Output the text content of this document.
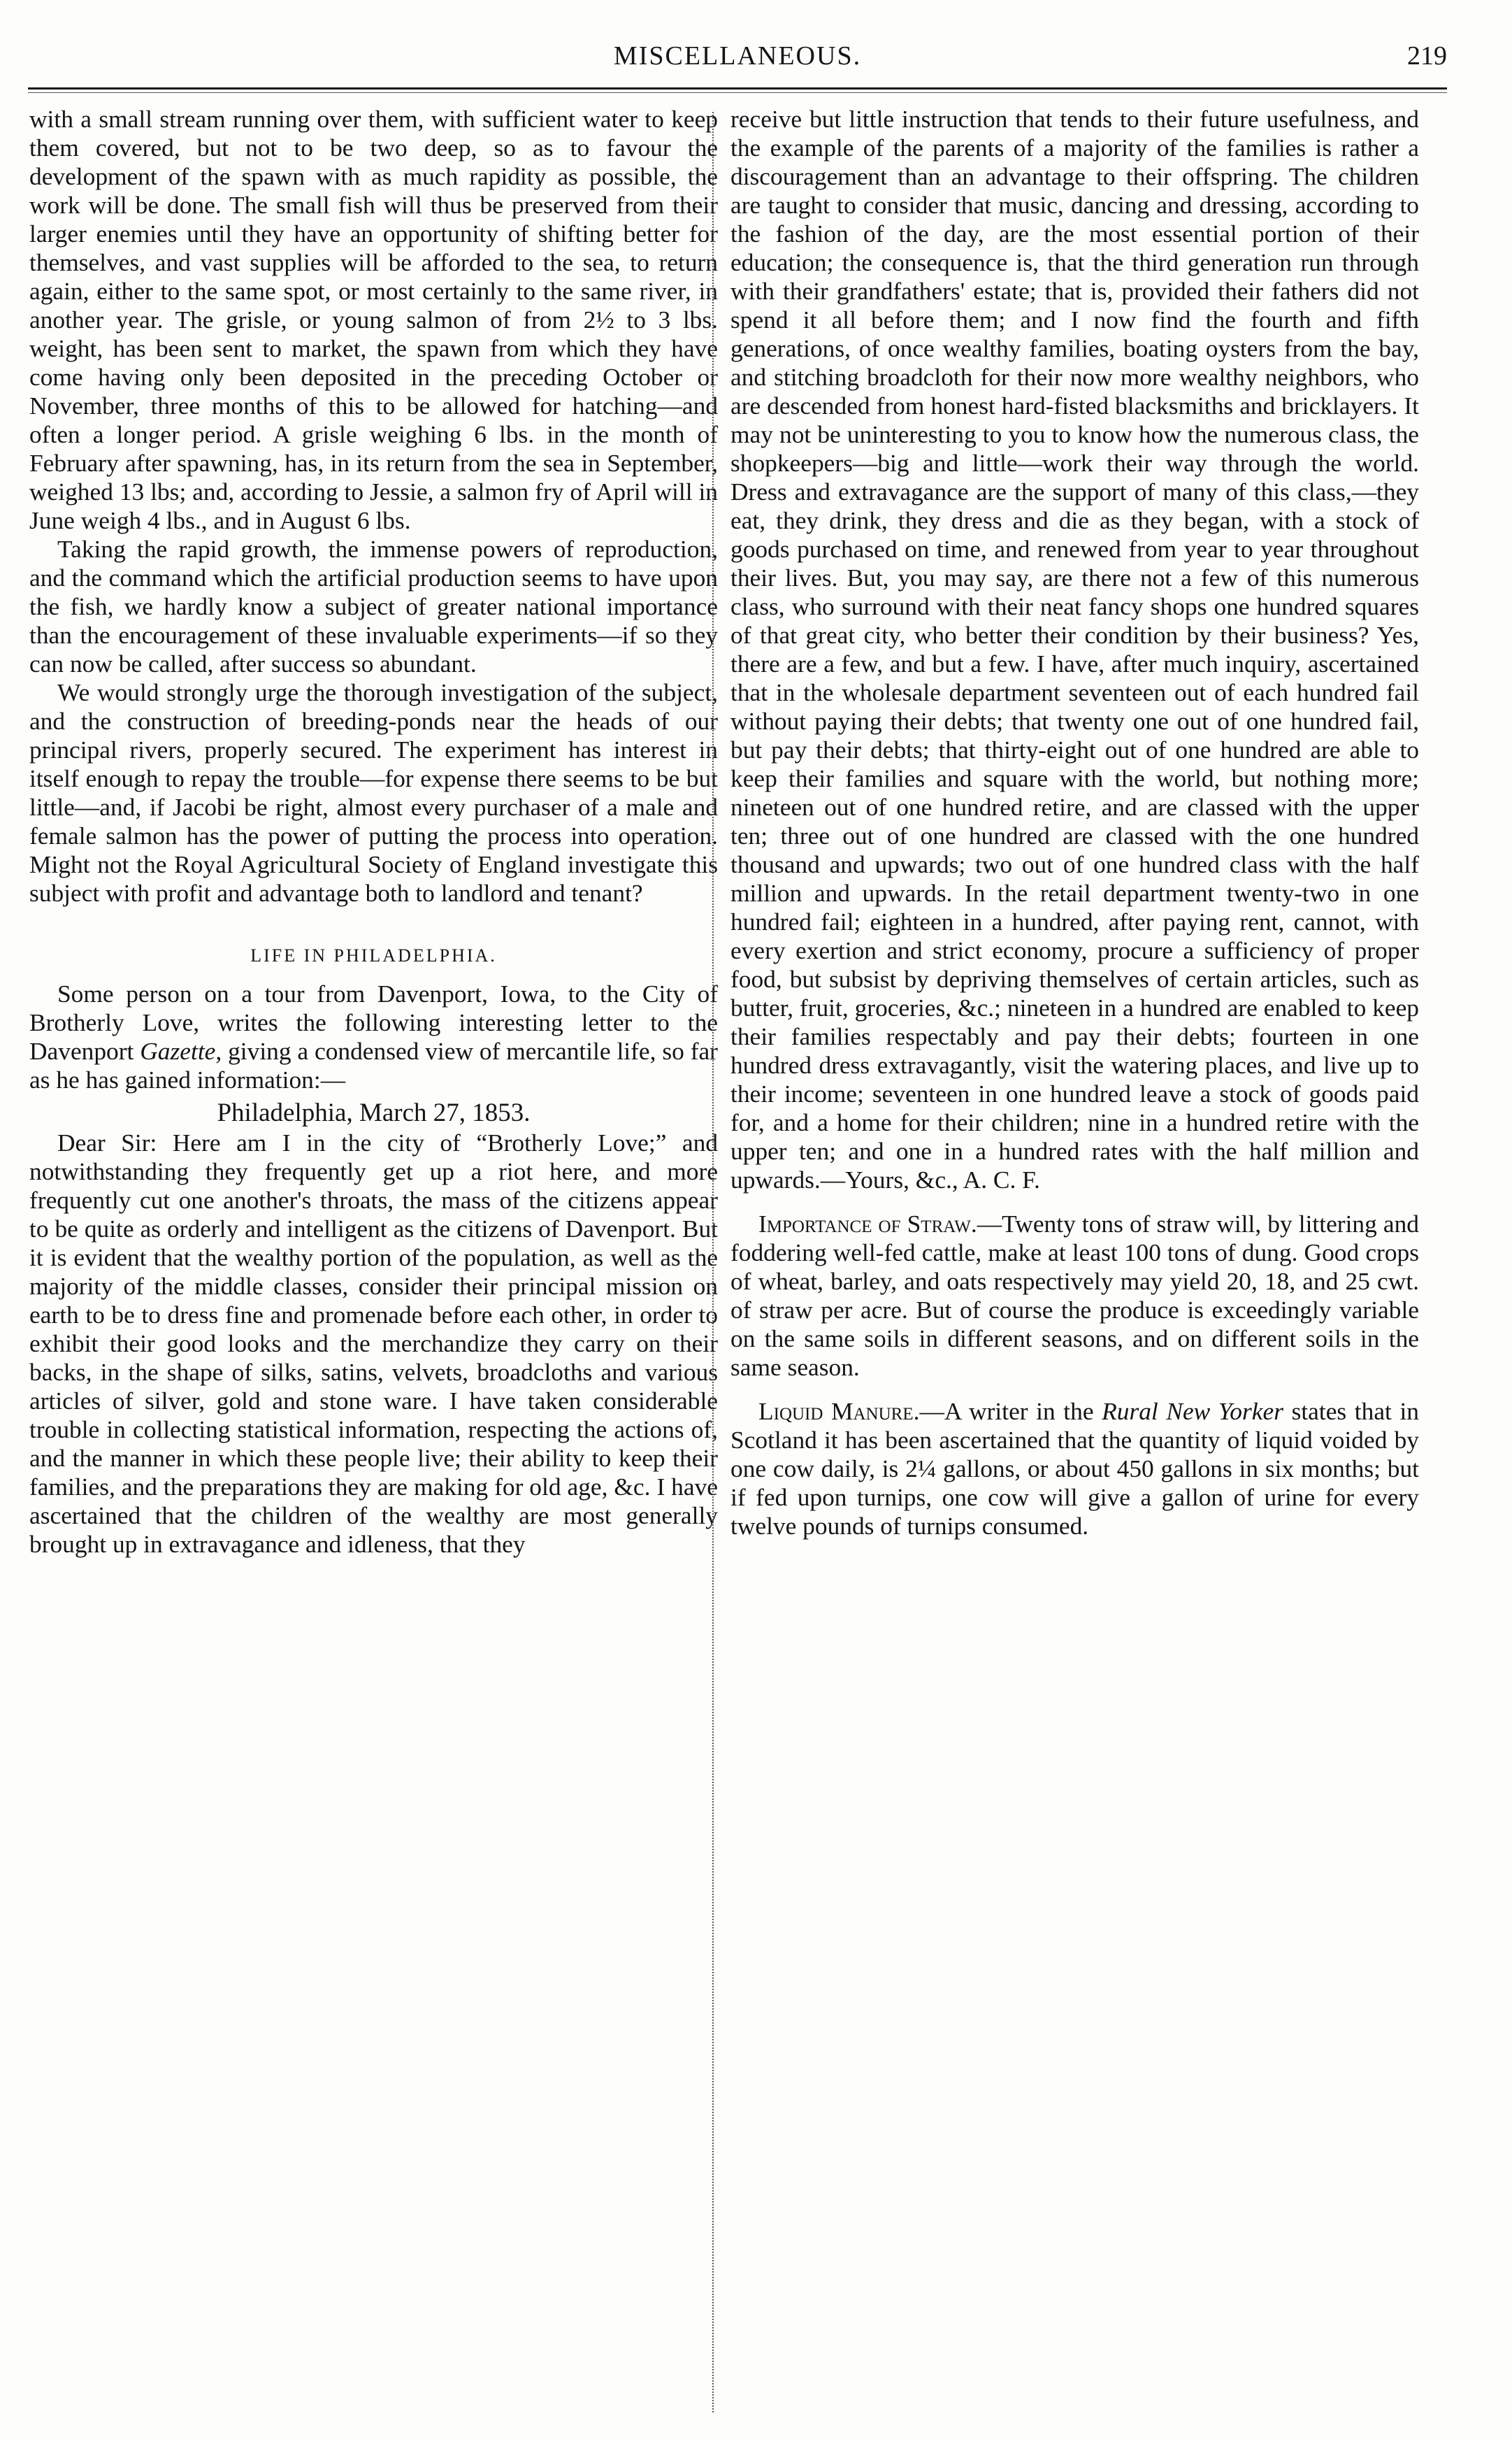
MISCELLANEOUS.	219

with a small stream running over them, with sufficient water to keep them covered, but not to be two deep, so as to favour the development of the spawn with as much rapidity as possible, the work will be done. The small fish will thus be preserved from their larger enemies until they have an opportunity of shifting better for themselves, and vast supplies will be afforded to the sea, to return again, either to the same spot, or most certainly to the same river, in another year. The grisle, or young salmon of from 2½ to 3 lbs. weight, has been sent to market, the spawn from which they have come having only been deposited in the preceding October or November, three months of this to be allowed for hatching—and often a longer period. A grisle weighing 6 lbs. in the month of February after spawning, has, in its return from the sea in September, weighed 13 lbs; and, according to Jessie, a salmon fry of April will in June weigh 4 lbs., and in August 6 lbs.

Taking the rapid growth, the immense powers of reproduction, and the command which the artificial production seems to have upon the fish, we hardly know a subject of greater national importance than the encouragement of these invaluable experiments—if so they can now be called, after success so abundant.

We would strongly urge the thorough investigation of the subject, and the construction of breeding-ponds near the heads of our principal rivers, properly secured. The experiment has interest in itself enough to repay the trouble—for expense there seems to be but little—and, if Jacobi be right, almost every purchaser of a male and female salmon has the power of putting the process into operation. Might not the Royal Agricultural Society of England investigate this subject with profit and advantage both to landlord and tenant?

LIFE IN PHILADELPHIA.

Some person on a tour from Davenport, Iowa, to the City of Brotherly Love, writes the following interesting letter to the Davenport Gazette, giving a condensed view of mercantile life, so far as he has gained information:—

Philadelphia, March 27, 1853.

Dear Sir: Here am I in the city of “Brotherly Love;” and notwithstanding they frequently get up a riot here, and more frequently cut one another's throats, the mass of the citizens appear to be quite as orderly and intelligent as the citizens of Davenport. But it is evident that the wealthy portion of the population, as well as the majority of the middle classes, consider their principal mission on earth to be to dress fine and promenade before each other, in order to exhibit their good looks and the merchandize they carry on their backs, in the shape of silks, satins, velvets, broadcloths and various articles of silver, gold and stone ware. I have taken considerable trouble in collecting statistical information, respecting the actions of, and the manner in which these people live; their ability to keep their families, and the preparations they are making for old age, &c. I have ascertained that the children of the wealthy are most generally brought up in extravagance and idleness, that they

receive but little instruction that tends to their future usefulness, and the example of the parents of a majority of the families is rather a discouragement than an advantage to their offspring. The children are taught to consider that music, dancing and dressing, according to the fashion of the day, are the most essential portion of their education; the consequence is, that the third generation run through with their grandfathers' estate; that is, provided their fathers did not spend it all before them; and I now find the fourth and fifth generations, of once wealthy families, boating oysters from the bay, and stitching broadcloth for their now more wealthy neighbors, who are descended from honest hard-fisted blacksmiths and bricklayers. It may not be uninteresting to you to know how the numerous class, the shopkeepers—big and little—work their way through the world. Dress and extravagance are the support of many of this class,—they eat, they drink, they dress and die as they began, with a stock of goods purchased on time, and renewed from year to year throughout their lives. But, you may say, are there not a few of this numerous class, who surround with their neat fancy shops one hundred squares of that great city, who better their condition by their business? Yes, there are a few, and but a few. I have, after much inquiry, ascertained that in the wholesale department seventeen out of each hundred fail without paying their debts; that twenty one out of one hundred fail, but pay their debts; that thirty-eight out of one hundred are able to keep their families and square with the world, but nothing more; nineteen out of one hundred retire, and are classed with the upper ten; three out of one hundred are classed with the one hundred thousand and upwards; two out of one hundred class with the half million and upwards. In the retail department twenty-two in one hundred fail; eighteen in a hundred, after paying rent, cannot, with every exertion and strict economy, procure a sufficiency of proper food, but subsist by depriving themselves of certain articles, such as butter, fruit, groceries, &c.; nineteen in a hundred are enabled to keep their families respectably and pay their debts; fourteen in one hundred dress extravagantly, visit the watering places, and live up to their income; seventeen in one hundred leave a stock of goods paid for, and a home for their children; nine in a hundred retire with the upper ten; and one in a hundred rates with the half million and upwards.—Yours, &c., A. C. F.

Importance of Straw.—Twenty tons of straw will, by littering and foddering well-fed cattle, make at least 100 tons of dung. Good crops of wheat, barley, and oats respectively may yield 20, 18, and 25 cwt. of straw per acre. But of course the produce is exceedingly variable on the same soils in different seasons, and on different soils in the same season.

Liquid Manure.—A writer in the Rural New Yorker states that in Scotland it has been ascertained that the quantity of liquid voided by one cow daily, is 2¼ gallons, or about 450 gallons in six months; but if fed upon turnips, one cow will give a gallon of urine for every twelve pounds of turnips consumed.
